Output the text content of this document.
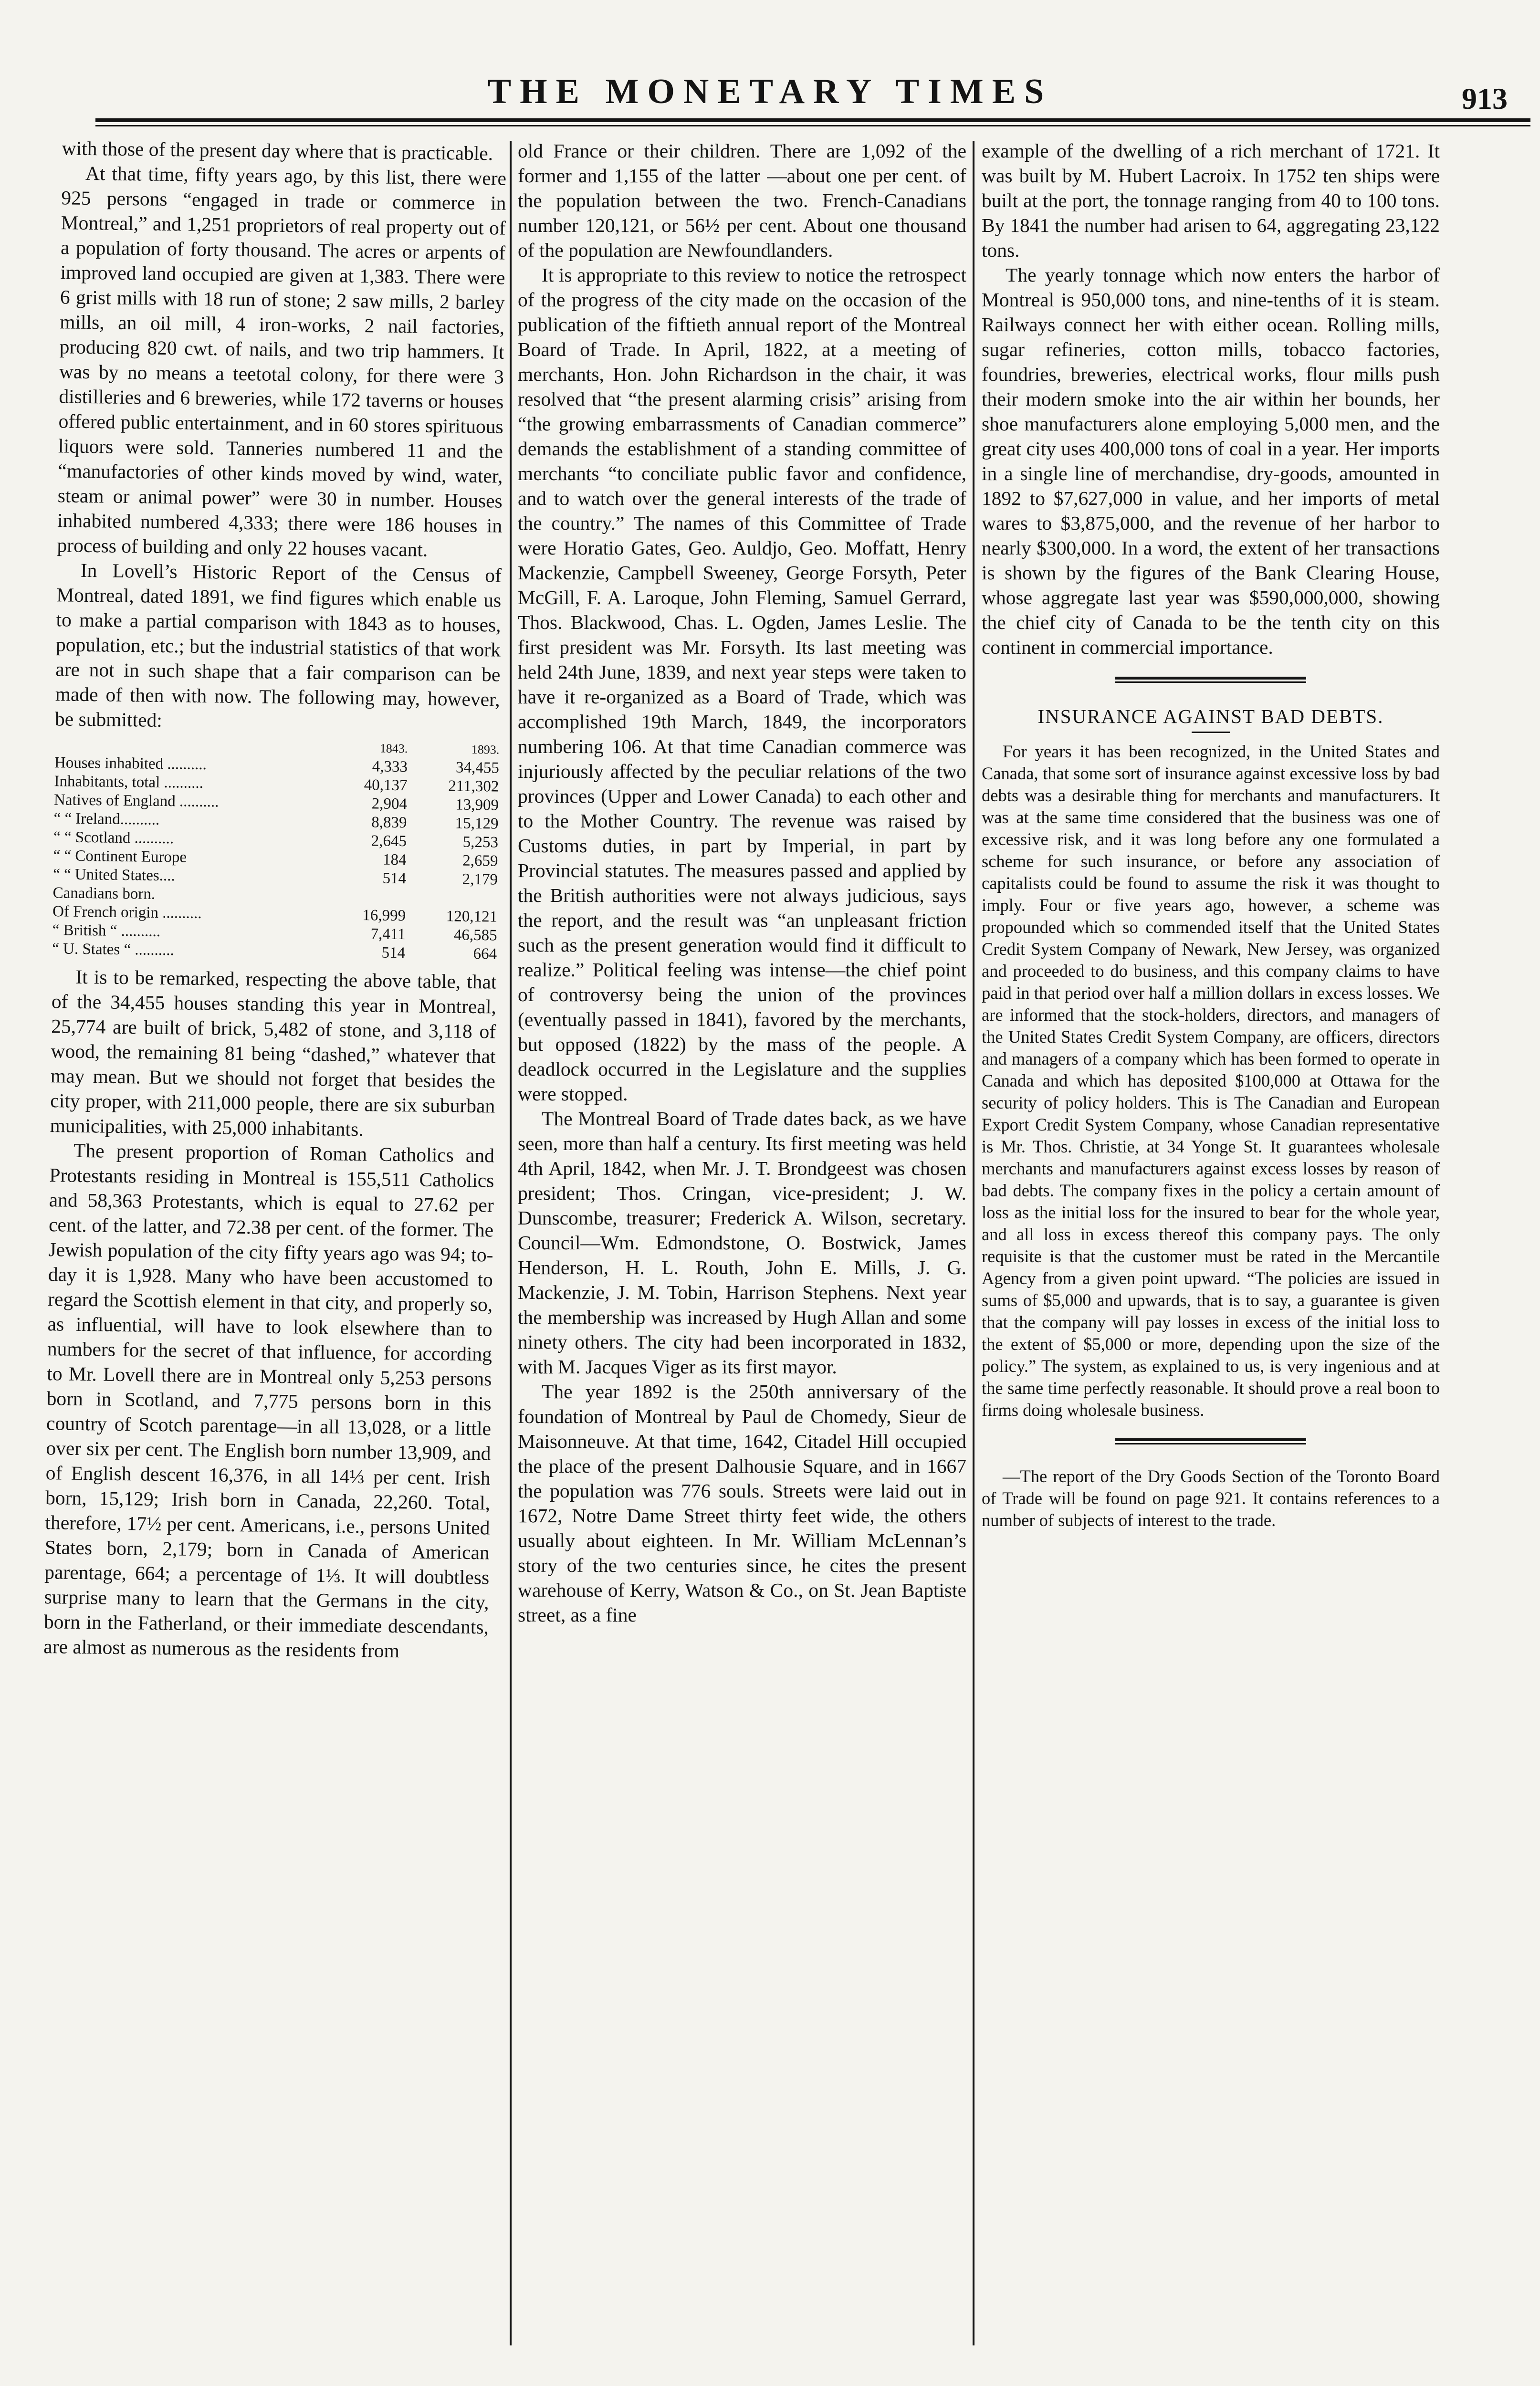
THE MONETARY TIMES	913

with those of the present day where that is practicable.

At that time, fifty years ago, by this list, there were 925 persons “engaged in trade or commerce in Montreal,” and 1,251 proprietors of real property out of a population of forty thousand. The acres or arpents of improved land occupied are given at 1,383. There were 6 grist mills with 18 run of stone; 2 saw mills, 2 barley mills, an oil mill, 4 iron-works, 2 nail factories, producing 820 cwt. of nails, and two trip hammers. It was by no means a teetotal colony, for there were 3 distilleries and 6 breweries, while 172 taverns or houses offered public entertainment, and in 60 stores spirituous liquors were sold. Tanneries numbered 11 and the “manufactories of other kinds moved by wind, water, steam or animal power” were 30 in number. Houses inhabited numbered 4,333; there were 186 houses in process of building and only 22 houses vacant.

In Lovell’s Historic Report of the Census of Montreal, dated 1891, we find figures which enable us to make a partial comparison with 1843 as to houses, population, etc.; but the industrial statistics of that work are not in such shape that a fair comparison can be made of then with now. The following may, however, be submitted:

	1843.	1893.
Houses inhabited ..........	4,333	34,455
Inhabitants, total ..........	40,137	211,302
Natives of England ..........	2,904	13,909
“ “ Ireland..........	8,839	15,129
“ “ Scotland ..........	2,645	5,253
“ “ Continent Europe	184	2,659
“ “ United States....	514	2,179
Canadians born.		
Of French origin ..........	16,999	120,121
“ British “ ..........	7,411	46,585
“ U. States “ ..........	514	664

It is to be remarked, respecting the above table, that of the 34,455 houses standing this year in Montreal, 25,774 are built of brick, 5,482 of stone, and 3,118 of wood, the remaining 81 being “dashed,” whatever that may mean. But we should not forget that besides the city proper, with 211,000 people, there are six suburban municipalities, with 25,000 inhabitants.

The present proportion of Roman Catholics and Protestants residing in Montreal is 155,511 Catholics and 58,363 Protestants, which is equal to 27.62 per cent. of the latter, and 72.38 per cent. of the former. The Jewish population of the city fifty years ago was 94; to-day it is 1,928. Many who have been accustomed to regard the Scottish element in that city, and properly so, as influential, will have to look elsewhere than to numbers for the secret of that influence, for according to Mr. Lovell there are in Montreal only 5,253 persons born in Scotland, and 7,775 persons born in this country of Scotch parentage—in all 13,028, or a little over six per cent. The English born number 13,909, and of English descent 16,376, in all 14⅓ per cent. Irish born, 15,129; Irish born in Canada, 22,260. Total, therefore, 17½ per cent. Americans, i.e., persons United States born, 2,179; born in Canada of American parentage, 664; a percentage of 1⅓. It will doubtless surprise many to learn that the Germans in the city, born in the Fatherland, or their immediate descendants, are almost as numerous as the residents from

old France or their children. There are 1,092 of the former and 1,155 of the latter —about one per cent. of the population between the two. French-Canadians number 120,121, or 56½ per cent. About one thousand of the population are Newfoundlanders.

It is appropriate to this review to notice the retrospect of the progress of the city made on the occasion of the publication of the fiftieth annual report of the Montreal Board of Trade. In April, 1822, at a meeting of merchants, Hon. John Richardson in the chair, it was resolved that “the present alarming crisis” arising from “the growing embarrassments of Canadian commerce” demands the establishment of a standing committee of merchants “to conciliate public favor and confidence, and to watch over the general interests of the trade of the country.” The names of this Committee of Trade were Horatio Gates, Geo. Auldjo, Geo. Moffatt, Henry Mackenzie, Campbell Sweeney, George Forsyth, Peter McGill, F. A. Laroque, John Fleming, Samuel Gerrard, Thos. Blackwood, Chas. L. Ogden, James Leslie. The first president was Mr. Forsyth. Its last meeting was held 24th June, 1839, and next year steps were taken to have it re-organized as a Board of Trade, which was accomplished 19th March, 1849, the incorporators numbering 106. At that time Canadian commerce was injuriously affected by the peculiar relations of the two provinces (Upper and Lower Canada) to each other and to the Mother Country. The revenue was raised by Customs duties, in part by Imperial, in part by Provincial statutes. The measures passed and applied by the British authorities were not always judicious, says the report, and the result was “an unpleasant friction such as the present generation would find it difficult to realize.” Political feeling was intense—the chief point of controversy being the union of the provinces (eventually passed in 1841), favored by the merchants, but opposed (1822) by the mass of the people. A deadlock occurred in the Legislature and the supplies were stopped.

The Montreal Board of Trade dates back, as we have seen, more than half a century. Its first meeting was held 4th April, 1842, when Mr. J. T. Brondgeest was chosen president; Thos. Cringan, vice-president; J. W. Dunscombe, treasurer; Frederick A. Wilson, secretary. Council—Wm. Edmondstone, O. Bostwick, James Henderson, H. L. Routh, John E. Mills, J. G. Mackenzie, J. M. Tobin, Harrison Stephens. Next year the membership was increased by Hugh Allan and some ninety others. The city had been incorporated in 1832, with M. Jacques Viger as its first mayor.

The year 1892 is the 250th anniversary of the foundation of Montreal by Paul de Chomedy, Sieur de Maisonneuve. At that time, 1642, Citadel Hill occupied the place of the present Dalhousie Square, and in 1667 the population was 776 souls. Streets were laid out in 1672, Notre Dame Street thirty feet wide, the others usually about eighteen. In Mr. William McLennan’s story of the two centuries since, he cites the present warehouse of Kerry, Watson & Co., on St. Jean Baptiste street, as a fine

example of the dwelling of a rich merchant of 1721. It was built by M. Hubert Lacroix. In 1752 ten ships were built at the port, the tonnage ranging from 40 to 100 tons. By 1841 the number had arisen to 64, aggregating 23,122 tons.

The yearly tonnage which now enters the harbor of Montreal is 950,000 tons, and nine-tenths of it is steam. Railways connect her with either ocean. Rolling mills, sugar refineries, cotton mills, tobacco factories, foundries, breweries, electrical works, flour mills push their modern smoke into the air within her bounds, her shoe manufacturers alone employing 5,000 men, and the great city uses 400,000 tons of coal in a year. Her imports in a single line of merchandise, dry-goods, amounted in 1892 to $7,627,000 in value, and her imports of metal wares to $3,875,000, and the revenue of her harbor to nearly $300,000. In a word, the extent of her transactions is shown by the figures of the Bank Clearing House, whose aggregate last year was $590,000,000, showing the chief city of Canada to be the tenth city on this continent in commercial importance.

INSURANCE AGAINST BAD DEBTS.

For years it has been recognized, in the United States and Canada, that some sort of insurance against excessive loss by bad debts was a desirable thing for merchants and manufacturers. It was at the same time considered that the business was one of excessive risk, and it was long before any one formulated a scheme for such insurance, or before any association of capitalists could be found to assume the risk it was thought to imply. Four or five years ago, however, a scheme was propounded which so commended itself that the United States Credit System Company of Newark, New Jersey, was organized and proceeded to do business, and this company claims to have paid in that period over half a million dollars in excess losses. We are informed that the stock-holders, directors, and managers of the United States Credit System Company, are officers, directors and managers of a company which has been formed to operate in Canada and which has deposited $100,000 at Ottawa for the security of policy holders. This is The Canadian and European Export Credit System Company, whose Canadian representative is Mr. Thos. Christie, at 34 Yonge St. It guarantees wholesale merchants and manufacturers against excess losses by reason of bad debts. The company fixes in the policy a certain amount of loss as the initial loss for the insured to bear for the whole year, and all loss in excess thereof this company pays. The only requisite is that the customer must be rated in the Mercantile Agency from a given point upward. “The policies are issued in sums of $5,000 and upwards, that is to say, a guarantee is given that the company will pay losses in excess of the initial loss to the extent of $5,000 or more, depending upon the size of the policy.” The system, as explained to us, is very ingenious and at the same time perfectly reasonable. It should prove a real boon to firms doing wholesale business.

—The report of the Dry Goods Section of the Toronto Board of Trade will be found on page 921. It contains references to a number of subjects of interest to the trade.
